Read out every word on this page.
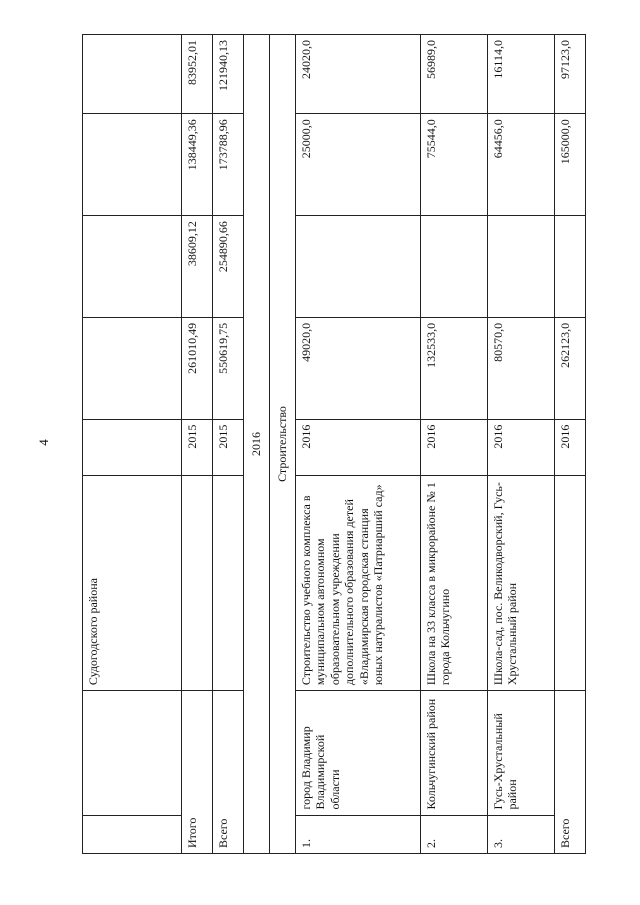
4
		Судогодского района					
Итого			2015	261010,49	38609,12	138449,36	83952,01
Всего			2015	550619,75	254890,66	173788,96	121940,13
2016							
Строительство							
1.	город Владимир Владимирской области	Строительство учебного комплекса в муниципальном автономном образовательном учреждении дополнительного образования детей «Владимирская городская станция юных натуралистов «Патриарший сад»	2016	49020,0		25000,0	24020,0
2.	Кольчугинский район	Школа на 33 класса в микрорайоне № 1 города Кольчугино	2016	132533,0		75544,0	56989,0
3.	Гусь-Хрустальный район	Школа-сад, пос. Великодворский, Гусь-Хрустальный район	2016	80570,0		64456,0	16114,0
Всего			2016	262123,0		165000,0	97123,0
